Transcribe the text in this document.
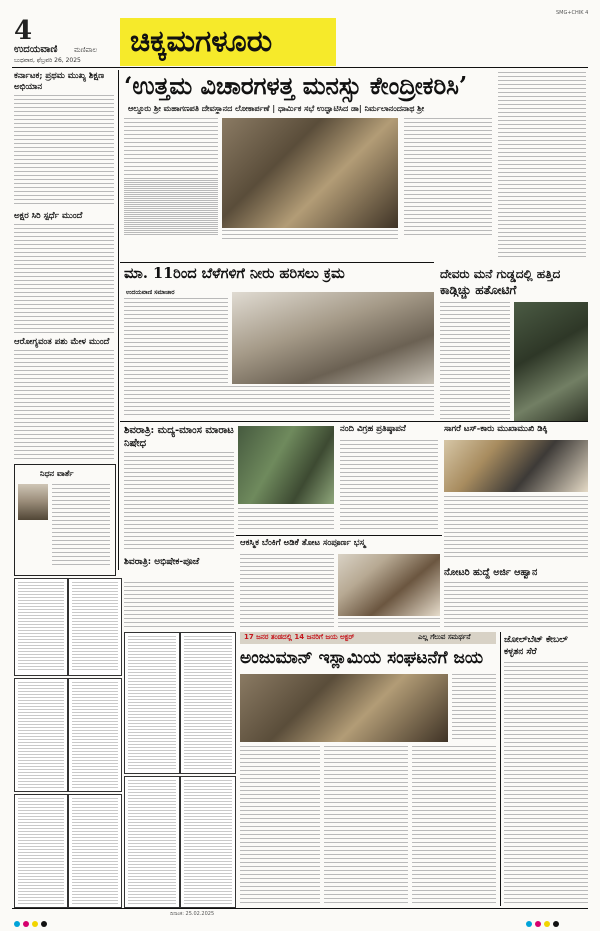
4
ಉದಯವಾಣಿ ಮಣಿಪಾಲ
ಬುಧವಾರ, ಫೆಬ್ರವರಿ 26, 2025
ಚಿಕ್ಕಮಗಳೂರು
SMG+CHIK 4
ಕರ್ನಾಟಕ; ಪ್ರಥಮ ಮುಖ್ಯ ಶಿಕ್ಷಣ ಅಭಿಯಾನ
ಅಕ್ಷರ ಸಿರಿ ಸ್ಪರ್ಧೆ ಮುಂದೆ
ಆರೋಗ್ಯವಂತ ಪಶು ಮೇಳ ಮುಂದೆ
ನಿಧನ ವಾರ್ತೆ
‘ಉತ್ತಮ ವಿಚಾರಗಳತ್ತ ಮನಸ್ಸು ಕೇಂದ್ರೀಕರಿಸಿ’
ಆಲ್ದೂರು ಶ್ರೀ ಮಹಾಗಣಪತಿ ದೇವಸ್ಥಾನದ ಲೋಕಾರ್ಪಣೆ | ಧಾರ್ಮಿಕ ಸಭೆ ಉದ್ಘಾಟಿಸಿದ ಡಾ| ನಿರ್ಮಲಾನಂದನಾಥ ಶ್ರೀ
ಮಾ. 11ರಿಂದ ಬೆಳೆಗಳಿಗೆ ನೀರು ಹರಿಸಲು ಕ್ರಮ
ಉದಯವಾಣಿ ಸಮಾಚಾರ
ದೇವರು ಮನೆ ಗುಡ್ಡದಲ್ಲಿ ಹತ್ತಿದ ಕಾಡ್ಗಿಚ್ಚು ಹತೋಟಿಗೆ
ಶಿವರಾತ್ರಿ: ಮದ್ಯ-ಮಾಂಸ ಮಾರಾಟ ನಿಷೇಧ
ಶಿವರಾತ್ರಿ: ಅಭಿಷೇಕ-ಪೂಜೆ
ನಂದಿ ವಿಗ್ರಹ ಪ್ರತಿಷ್ಠಾಪನೆ	ಸಾಗರೆ ಟಸ್-ಕಾರು ಮುಖಾಮುಖಿ ಡಿಕ್ಕಿ
ಆಕಸ್ಮಿಕ ಬೆಂಕಿಗೆ ಅಡಿಕೆ ತೋಟ ಸಂಪೂರ್ಣ ಭಸ್ಮ
ನೋಟರಿ ಹುದ್ದೆ ಅರ್ಜಿ ಆಹ್ವಾನ
17 ಜನರ ತಂಡದಲ್ಲಿ 14 ಜನರಿಗೆ ಜಯ ಅಕ್ಟರ್	ಎಲ್ಲ ಗೆಲುವ ಸಮರ್ಥನೆ
ಅಂಜುಮಾನ್ ಇಸ್ಲಾಮಿಯ ಸಂಘಟನೆಗೆ ಜಯ
ಜೋಲ್‌ಬೆಟ್ ಕೇಬಲ್ ಕಳ್ಳತನ ಸೆರೆ
ದಿನಾಂಕ: 25.02.2025
